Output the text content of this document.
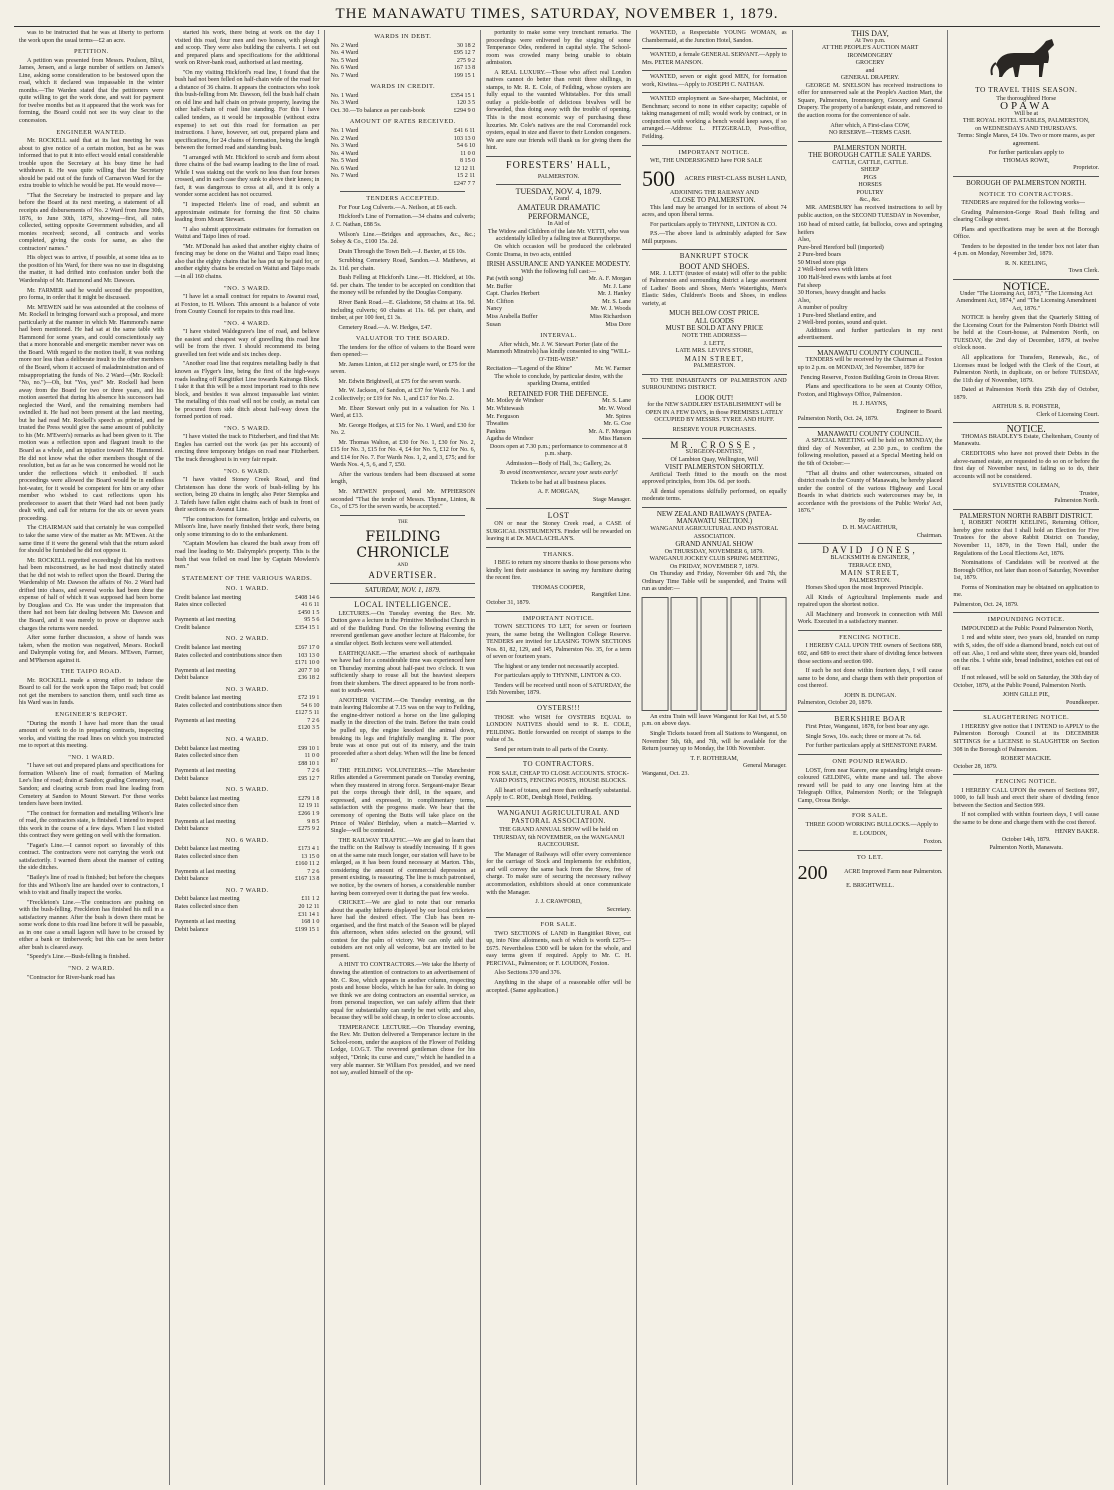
THE MANAWATU TIMES, SATURDAY, NOVEMBER 1, 1879.

was to be instructed that he was at liberty to perform the work upon the usual terms—£2 an acre.

PETITION.

A petition was presented from Messrs. Poulson, Blixt, James, Jensen, and a large number of settlers on James's Line, asking some consideration to be bestowed upon the road, which it declared was impassable in the winter months.—The Warden stated that the petitioners were quite willing to get the work done, and wait for payment for twelve months but as it appeared that the work was for forming, the Board could not see its way clear to the concession.

ENGINEER WANTED.

Mr. ROCKELL said that at its last meeting he was about to give notice of a certain motion, but as he was informed that to put it into effect would entail considerable trouble upon the Secretary at his busy time he had withdrawn it. He was quite willing that the Secretary should be paid out of the funds of Carnarvon Ward for the extra trouble to which he would be put. He would move—

"That the Secretary be instructed to prepare and lay before the Board at its next meeting, a statement of all receipts and disbursements of No. 2 Ward from June 30th, 1876, to June 30th, 1879, showing—first, all rates collected, setting opposite Government subsidies, and all monies received; second, all contracts and works completed, giving the costs for same, as also the contractors' names."

His object was to arrive, if possible, at some idea as to the position of his Ward, for there was no use in disguising the matter, it had drifted into confusion under both the Wardenship of Mr. Hammond and Mr. Dawson.

Mr. FARMER said he would second the proposition, pro forma, in order that it might be discussed.

Mr. M'EWEN said he was astounded at the coolness of Mr. Rockell in bringing forward such a proposal, and more particularly at the manner in which Mr. Hammond's name had been mentioned. He had sat at the same table with Hammond for some years, and could conscientiously say that a more honorable and energetic member never was on the Board. With regard to the motion itself, it was nothing more nor less than a deliberate insult to the other members of the Board, whom it accused of maladministration and of misappropriating the funds of No. 2 Ward—(Mr. Rockell: "No, no.")—Oh, but "Yes, yes!" Mr. Rockell had been away from the Board for two or three years, and his motion asserted that during his absence his successors had neglected the Ward, and the remaining members had swindled it. He had not been present at the last meeting, but he had read Mr. Rockell's speech as printed, and he trusted the Press would give the same amount of publicity to his (Mr. M'Ewen's) remarks as had been given to it. The motion was a reflection upon and flagrant insult to the Board as a whole, and an injustice toward Mr. Hammond. He did not know what the other members thought of the resolution, but as far as he was concerned he would not lie under the reflections which it embodied. If such proceedings were allowed the Board would be in endless hot-water, for it would be competent for him or any other member who wished to cast reflections upon his predecessor to assert that their Ward had not been justly dealt with, and call for returns for the six or seven years proceeding.

The CHAIRMAN said that certainly he was compelled to take the same view of the matter as Mr. M'Ewen. At the same time if it were the general wish that the return asked for should be furnished he did not oppose it.

Mr. ROCKELL regretted exceedingly that his motives had been misconstrued, as he had most distinctly stated that he did not wish to reflect upon the Board. During the Wardenship of Mr. Dawson the affairs of No. 2 Ward had drifted into chaos, and several works had been done the expense of half of which it was supposed had been borne by Douglass and Co. He was under the impression that there had not been fair dealing between Mr. Dawson and the Board, and it was merely to prove or disprove such charges the returns were needed.

After some further discussion, a show of hands was taken, when the motion was negatived, Messrs. Rockell and Dalrymple voting for, and Messrs. M'Ewen, Farmer, and M'Pherson against it.

THE TAIPO ROAD.

Mr. ROCKELL made a strong effort to induce the Board to call for the work upon the Taipo road; but could not get the members to sanction them, until such time as his Ward was in funds.

ENGINEER'S REPORT.

"During the month I have had more than the usual amount of work to do in preparing contracts, inspecting works, and visiting the road lines on which you instructed me to report at this meeting.

"NO. 1 WARD.

"I have set out and prepared plans and specifications for formation Wilson's line of road; formation of Marling Lee's line of road; drain at Sandon; grading Cemetery road, Sandon; and clearing scrub from road line leading from Cemetery at Sandon to Mount Stewart. For these works tenders have been invited.

"The contract for formation and metalling Wilson's line of road, the contractors state, is finished. I intend to inspect this work in the course of a few days. When I last visited this contract they were getting on well with the formation.

"Fagan's Line.—I cannot report so favorably of this contract. The contractors were not carrying the work out satisfactorily. I warned them about the manner of cutting the side ditches.

"Bailey's line of road is finished; but before the cheques for this and Wilson's line are handed over to contractors, I wish to visit and finally inspect the works.

"Freckleton's Line.—The contractors are pushing on with the bush-felling. Freckleton has finished his mill in a satisfactory manner. After the bush is down there must be some work done to this road line before it will be passable, as in one case a small lagoon will have to be crossed by either a bank or timberwork; but this can be seen better after bush is cleared away.

"Speedy's Line.—Bush-felling is finished.

"NO. 2 WARD.

"Contractor for River-bank road has

started his work, there being at work on the day I visited this road, four men and two horses, with plough and scoop. They were also building the culverts. I set out and prepared plans and specifications for the additional work on River-bank road, authorised at last meeting.

"On my visiting Hickford's road line, I found that the bush had not been felled on half-chain wide of the road for a distance of 36 chains. It appears the contractors who took this bush-felling from Mr. Dawson, fell the bush half chain on old line and half chain on private property, leaving the other half-chain of road line standing. For this I have called tenders, as it would be impossible (without extra expense) to set out this road for formation as per instructions. I have, however, set out, prepared plans and specifications, for 24 chains of formation, being the length between the formed road and standing bush.

"I arranged with Mr. Hickford to scrub and form about three chains of the bad swamp leading to the line of road. While I was staking out the work no less than four horses crossed, and in each case they sunk to above their knees; in fact, it was dangerous to cross at all, and it is only a wonder some accident has not occurred.

"I inspected Helen's line of road, and submit an approximate estimate for forming the first 50 chains leading from Mount Stewart.

"I also submit approximate estimates for formation on Waitui and Taipo lines of road.

"Mr. M'Donald has asked that another eighty chains of fencing may be done on the Waitui and Taipo road lines; also that the eighty chains that he has put up be paid for, or another eighty chains be erected on Waitui and Taipo roads—in all 160 chains.

"NO. 3 WARD.

"I have let a small contract for repairs to Awanui road, at Foxton, to H. Wilson. This amount is a balance of vote from County Council for repairs to this road line.

"NO. 4 WARD.

"I have visited Waldegrave's line of road, and believe the easiest and cheapest way of gravelling this road line will be from the river. I should recommend its being gravelled ten feet wide and six inches deep.

"Another road line that requires metalling badly is that known as Flyger's line, being the first of the high-ways roads leading off Rangitikei Line towards Kairanga Block. I take it that this will be a most important road to this new block, and besides it was almost impassable last winter. The metalling of this road will not be costly, as metal can be procured from side ditch about half-way down the formed portion of road.

"NO. 5 WARD.

"I have visited the track to Fitzherbert, and find that Mr. Engles has carried out the work (as per his account) of erecting three temporary bridges on road near Fitzherbert. The track throughout is in very fair repair.

"NO. 6 WARD.

"I have visited Stoney Creek Road, and find Christenson has done the work of bush-felling by his section, being 20 chains in length; also Peter Stempka and J. Tafeth have fallen eight chains each of bush in front of their sections on Awanui Line.

"The contractors for formation, bridge and culverts, on Milson's line, have nearly finished their work, there being only some trimming to do to the embankment.

"Captain Mowlem has cleared the bush away from off road line leading to Mr. Dalrymple's property. This is the bush that was felled on road line by Captain Mowlem's men."

STATEMENT OF THE VARIOUS WARDS.
NO. 1 WARD.
Credit balance last meeting	£408 14 6
Rates since collected	41 6 11
£450 1 5
Payments at last meeting	95 5 6
Credit balance	£354 15 1
NO. 2 WARD.
Credit balance last meeting	£67 17 0
Rates collected and contributions since then	103 13 0
£171 10 0
Payments at last meeting	207 7 10
Debit balance	£36 18 2
NO. 3 WARD.
Credit balance last meeting	£72 19 1
Rates collected and contributions since then	54 6 10
£127 5 11
Payments at last meeting	7 2 6
£120 3 5
NO. 4 WARD.
Debit balance last meeting	£99 10 1
Rates collected since then	11 0 0
£88 10 1
Payments at last meeting	7 2 6
Debit balance	£95 12 7
NO. 5 WARD.
Debit balance last meeting	£279 1 8
Rates collected since then	12 19 11
£266 1 9
Payments at last meeting	9 8 5
Debit balance	£275 9 2
NO. 6 WARD.
Debit balance last meeting	£173 4 1
Rates collected since then	13 15 0
£160 11 2
Payments at last meeting	7 2 6
Debit balance	£167 13 8
NO. 7 WARD.
Debit balance last meeting	£11 1 2
Rates collected since then	20 12 11
£31 14 1
Payments at last meeting	168 1 0
Debit balance	£199 15 1
WARDS IN DEBT.
No. 2 Ward	30 18 2
No. 4 Ward	£95 12 7
No. 5 Ward	275 9 2
No. 6 Ward	167 13 8
No. 7 Ward	199 15 1
WARDS IN CREDIT.
No. 1 Ward	£354 15 1
No. 3 Ward	120 3 5
Oct. 30.—To balance as per cash-book	£294 9 0
AMOUNT OF RATES RECEIVED.
No. 1 Ward	£41 6 11
No. 2 Ward	103 13 0
No. 3 Ward	54 6 10
No. 4 Ward	11 0 0
No. 5 Ward	8 15 0
No. 6 Ward	12 12 11
No. 7 Ward	15 2 11
£247 7 7
TENDERS ACCEPTED.

For Four Log Culverts.—A. Neilson, at £6 each.

Hickford's Line of Formation.—34 chains and culverts; J. C. Nathan, £88 5s.

Wilson's Line.—Bridges and approaches, &c., &c.; Sobey & Co., £100 15s. 2d.

Drain Through the Town Belt.—J. Baxter, at £6 10s.

Scrubbing Cemetery Road, Sandon.—J. Matthews, at 2s. 11d. per chain.

Bush Felling at Hickford's Line.—H. Hickford, at 10s. 6d. per chain. The tender to be accepted on condition that the money will be refunded by the Douglas Company.

River Bank Road.—E. Gladstone, 58 chains at 16s. 9d. including culverts; 60 chains at 11s. 6d. per chain, and timber, at per 100 feet, £1 3s.

Cemetery Road.—A. W. Hedges, £47.

VALUATOR TO THE BOARD.

The tenders for the office of valuers to the Board were then opened:—

Mr. James Linton, at £12 per single ward, or £75 for the seven.

Mr. Edwin Brightwell, at £75 for the seven wards.

Mr. W. Jackson, of Sandon, at £37 for Wards No. 1 and 2 collectively; or £19 for No. 1, and £17 for No. 2.

Mr. Ebzer Stewart only put in a valuation for No. 1 Ward, at £13.

Mr. George Hodges, at £15 for No. 1 Ward, and £30 for No. 2.

Mr. Thomas Walton, at £30 for No. 1, £30 for No. 2, £15 for No. 3, £15 for No. 4, £4 for No. 5, £12 for No. 6, and £14 for No. 7. For Wards Nos. 1, 2, and 3, £75; and for Wards Nos. 4, 5, 6, and 7, £50.

After the various tenders had been discussed at some length,

Mr. M'EWEN proposed, and Mr. M'PHERSON seconded "That the tender of Messrs. Thynne, Linton, & Co., of £75 for the seven wards, be accepted."

THE
FEILDING CHRONICLE
AND
ADVERTISER.
SATURDAY, NOV. 1, 1879.
LOCAL INTELLIGENCE.

LECTURES.—On Tuesday evening the Rev. Mr. Dutton gave a lecture in the Primitive Methodist Church in aid of the Building Fund. On the following evening the reverend gentleman gave another lecture at Halcombe, for a similar object. Both lectures were well attended.

EARTHQUAKE.—The smartest shock of earthquake we have had for a considerable time was experienced here on Thursday morning about half-past two o'clock. It was sufficiently sharp to rouse all but the heaviest sleepers from their slumbers. The direct appeared to be from north-east to south-west.

ANOTHER VICTIM.—On Tuesday evening, as the train leaving Halcombe at 7.15 was on the way to Feilding, the engine-driver noticed a horse on the line galloping madly in the direction of the train. Before the train could be pulled up, the engine knocked the animal down, breaking its legs and frightfully mangling it. The poor brute was at once put out of its misery, and the train proceeded after a short delay. When will the line be fenced in?

THE FEILDING VOLUNTEERS.—The Manchester Rifles attended a Government parade on Tuesday evening, when they mustered in strong force. Sergeant-major Bezar put the corps through their drill, in the square, and expressed, and expressed, in complimentary terms, satisfaction with the progress made. We hear that the ceremony of opening the Butts will take place on the Prince of Wales' Birthday, when a match—Married v. Single—will be contested.

THE RAILWAY TRAFFIC.—We are glad to learn that the traffic on the Railway is steadily increasing. If it goes on at the same rate much longer, our station will have to be enlarged, as it has been found necessary at Marton. This, considering the amount of commercial depression at present existing, is reassuring. The line is much patronised, we notice, by the owners of horses, a considerable number having been conveyed over it during the past few weeks.

CRICKET.—We are glad to note that our remarks about the apathy hitherto displayed by our local cricketers have had the desired effect. The Club has been re-organised, and the first match of the Season will be played this afternoon, when sides selected on the ground, will contest for the palm of victory. We can only add that outsiders are not only all welcome, but are invited to be present.

A HINT TO CONTRACTORS.—We take the liberty of drawing the attention of contractors to an advertisement of Mr. C. Roe, which appears in another column, respecting posts and house blocks, which he has for sale. In doing so we think we are doing contractors an essential service, as from personal inspection, we can safely affirm that their equal for substantiality can rarely be met with; and also, because they will be sold cheap, in order to close accounts.

TEMPERANCE LECTURE.—On Thursday evening, the Rev. Mr. Dutton delivered a Temperance lecture in the School-room, under the auspices of the Flower of Feilding Lodge, I.O.G.T. The reverend gentleman chose for his subject, "Drink; its curse and cure," which he handled in a very able manner. Sir William Fox presided, and we need not say, availed himself of the op-

portunity to make some very trenchant remarks. The proceedings were enlivened by the singing of some Temperance Odes, rendered in capital style. The School-room was crowded many being unable to obtain admission.

A REAL LUXURY.—Those who affect real London natives cannot do better than remit three shillings, in stamps, to Mr. R. E. Cole, of Feilding, whose oysters are fully equal to the vaunted Whitstables. For this small outlay a pickle-bottle of delicious bivalves will be forwarded, thus doing away with the trouble of opening. This is the most economic way of purchasing these luxuries. Mr. Cole's natives are the real Coromandel rock oysters, equal in size and flavor to their London congeners. We are sure our friends will thank us for giving them the hint.

FORESTERS' HALL,
PALMERSTON.
TUESDAY, NOV. 4, 1879.
A Grand
AMATEUR DRAMATIC PERFORMANCE,
In Aid of
The Widow and Children of the late Mr. VETTI, who was accidentally killed by a falling tree at Bunnythorpe.

On which occasion will be produced the celebrated Comic Drama, in two acts, entitled

IRISH ASSURANCE AND YANKEE MODESTY.
With the following full cast:—
Pat (with song)	Mr. A. F. Morgan
Mr. Buffer	Mr. J. Lane
Capt. Charles Herbert	Mr. J. Hanley
Mr. Clifton	Mr. S. Lane
Nancy	Mr. W. J. Woods
Miss Arabella Buffer	Miss Richardson
Susan	Miss Dore
INTERVAL.

After which, Mr. J. W. Stewart Porter (late of the Mammoth Minstrels) has kindly consented to sing "WILL-O'-THE-WISP."

Recitation—"Legend of the Rhine"	Mr. W. Farmer

The whole to conclude, by particular desire, with the sparkling Drama, entitled

RETAINED FOR THE DEFENCE.
Mr. Motley de Windsor	Mr. S. Lane
Mr. Whitewash	Mr. W. Wood
Mr. Ferguson	Mr. Spires
Thwaites	Mr. G. Coe
Pankins	Mr. A. F. Morgan
Agatha de Windsor	Miss Hanson

Doors open at 7.30 p.m.; performance to commence at 8 p.m. sharp.

Admission—Body of Hall, 3s.; Gallery, 2s.

To avoid inconvenience, secure your seats early!

Tickets to be had at all business places.

A. F. MORGAN,
Stage Manager.
LOST

ON or near the Stoney Creek road, a CASE of SURGICAL INSTRUMENTS. Finder will be rewarded on leaving it at Dr. MACLACHLAN'S.

THANKS.

I BEG to return my sincere thanks to those persons who kindly lent their assistance in saving my furniture during the recent fire.

THOMAS COOPER,
Rangitikei Line.
October 31, 1879.
IMPORTANT NOTICE.

TOWN SECTIONS TO LET, for seven or fourteen years, the same being the Wellington College Reserve. TENDERS are invited for LEASING TOWN SECTIONS Nos. 81, 82, 129, and 145, Palmerston No. 35, for a term of seven or fourteen years.

The highest or any tender not necessarily accepted.

For particulars apply to THYNNE, LINTON & CO.

Tenders will be received until noon of SATURDAY, the 15th November, 1879.

OYSTERS!!!

THOSE who WISH for OYSTERS EQUAL to LONDON NATIVES should send to R. E. COLE, FEILDING. Bottle forwarded on receipt of stamps to the value of 3s.

Send per return train to all parts of the County.

TO CONTRACTORS.

FOR SALE, CHEAP TO CLOSE ACCOUNTS. STOCK-YARD POSTS, FENCING POSTS, HOUSE BLOCKS.

All heart of totara, and more than ordinarily substantial. Apply to C. ROE, Denbigh Hotel, Feilding.

WANGANUI AGRICULTURAL AND PASTORAL ASSOCIATION.

THE GRAND ANNUAL SHOW will be held on THURSDAY, 6th NOVEMBER, on the WANGANUI RACECOURSE.

The Manager of Railways will offer every convenience for the carriage of Stock and Implements for exhibition, and will convey the same back from the Show, free of charge. To make sure of securing the necessary railway accommodation, exhibitors should at once communicate with the Manager.

J. J. CRAWFORD,
Secretary.
FOR SALE.

TWO SECTIONS of LAND in Rangitikei River, cut up, into Nine allotments, each of which is worth £275—£675. Nevertheless £300 will be taken for the whole, and easy terms given if required. Apply to Mr. C. H. PERCIVAL, Palmerston; or F. LOUDON, Foxton.

Also Sections 370 and 376.

Anything in the shape of a reasonable offer will be accepted. (Same application.)

WANTED, a Respectable YOUNG WOMAN, as Chambermaid, at the Junction Hotel, Sandon.

WANTED, a female GENERAL SERVANT.—Apply to Mrs. PETER MANSON.

WANTED, seven or eight good MEN, for formation work, Kiwitea.—Apply to JOSEPH C. NATHAN.

WANTED employment as Saw-sharper, Machinist, or Benchman; second to none in either capacity; capable of taking management of mill; would work by contract, or in conjunction with working a bench would keep saws, if so arranged.—Address: L. FITZGERALD, Post-office, Feilding.

IMPORTANT NOTICE.

WE, THE UNDERSIGNED have FOR SALE

500 ACRES FIRST-CLASS BUSH LAND,
ADJOINING THE RAILWAY AND
CLOSE TO PALMERSTON.

This land may be arranged for in sections of about 74 acres, and upon liberal terms.

For particulars apply to THYNNE, LINTON & CO.

P.S.—The above land is admirably adapted for Saw Mill purposes.

BANKRUPT STOCK
BOOT AND SHOES.

MR. J. LETT (trustee of estate) will offer to the public of Palmerston and surrounding district a large assortment of Ladies' Boots and Shoes, Men's Watertights, Men's Elastic Sides, Children's Boots and Shoes, in endless variety, at

MUCH BELOW COST PRICE.
ALL GOODS
MUST BE SOLD AT ANY PRICE
NOTE THE ADDRESS—
J. LETT,
LATE MRS. LEVIN'S STORE,
MAIN STREET,
PALMERSTON.

TO THE INHABITANTS OF PALMERSTON AND SURROUNDING DISTRICT.

LOOK OUT!

for the NEW SADDLERY ESTABLISHMENT will be OPEN IN A FEW DAYS, in those PREMISES LATELY OCCUPIED BY MESSRS. TYREE AND HUFF.

RESERVE YOUR PURCHASES.
MR. CROSSE,
SURGEON-DENTIST,
Of Lambton Quay, Wellington, Will
VISIT PALMERSTON SHORTLY.

Artificial Teeth fitted to the mouth on the most approved principles, from 10s. 6d. per tooth.

All dental operations skilfully performed, on equally moderate terms.

NEW ZEALAND RAILWAYS (PATEA-MANAWATU SECTION.)
WANGANUI AGRICULTURAL AND PASTORAL ASSOCIATION.
GRAND ANNUAL SHOW
On THURSDAY, NOVEMBER 6, 1879.
WANGANUI JOCKEY CLUB SPRING MEETING,
On FRIDAY, NOVEMBER 7, 1879.

On Thursday and Friday, November 6th and 7th, the Ordinary Time Table will be suspended, and Trains will run as under:—

An extra Train will leave Wanganui for Kai Iwi, at 5.50 p.m. on above days.

Single Tickets issued from all Stations to Wanganui, on November 5th, 6th, and 7th, will be available for the Return journey up to Monday, the 10th November.

T. F. ROTHERAM,
General Manager.
Wanganui, Oct. 23.
THIS DAY,
At Two p.m.
AT THE PEOPLE'S AUCTION MART
IRONMONGERY
GROCERY
and
GENERAL DRAPERY.

GEORGE M. SNELSON has received instructions to offer for unreserved sale at the People's Auction Mart, the Square, Palmerston, Ironmongery, Grocery and General Drapery. The property of a bankrupt estate, and removed to the auction rooms for the convenience of sale.

After which, A First-class COW,
NO RESERVE—TERMS CASH.
PALMERSTON NORTH.
THE BOROUGH CATTLE SALE YARDS.
CATTLE, CATTLE, CATTLE.
SHEEP
PIGS
HORSES
POULTRY
&c., &c.

MR. AMESBURY has received instructions to sell by public auction, on the SECOND TUESDAY in November,

160 head of mixed cattle, fat bullocks, cows and springing heifers
Also,
Pure-bred Hereford bull (imported)
2 Pure-bred boars
50 Mixed store pigs
2 Well-bred sows with litters
100 Half-bred ewes with lambs at foot
Fat sheep
30 Horses, heavy draught and hacks
Also,
A number of poultry
1 Pure-bred Shetland entire, and
2 Well-bred ponies, sound and quiet.

Additions and further particulars in my next advertisement.

MANAWATU COUNTY COUNCIL.

TENDERS will be received by the Chairman at Foxton up to 2 p.m. on MONDAY, 3rd November, 1879 for

Fencing Reserve, Foxton Building Groin in Oroua River.

Plans and specifications to be seen at County Office, Foxton, and Highways Office, Palmerston.

H. J. HAYNS,
Engineer to Board.
Palmerston North, Oct. 24, 1879.
MANAWATU COUNTY COUNCIL.

A SPECIAL MEETING will be held on MONDAY, the third day of November, at 2.30 p.m., to confirm the following resolution, passed at a Special Meeting held on the 6th of October:—

"That all drains and other watercourses, situated on district roads in the County of Manawatu, be hereby placed under the control of the various Highway and Local Boards in what districts such watercourses may be, in accordance with the provisions of the Public Works' Act, 1876."

By order.
D. H. MACARTHUR,
Chairman.
DAVID JONES,
BLACKSMITH & ENGINEER,
TERRACE END,
MAIN STREET,
PALMERSTON.

Horses Shod upon the most Improved Principle.

All Kinds of Agricultural Implements made and repaired upon the shortest notice.

All Machinery and Ironwork in connection with Mill Work. Executed in a satisfactory manner.

FENCING NOTICE.

I HEREBY CALL UPON THE owners of Sections 688, 692, and 689 to erect their share of dividing fence between those sections and section 690.

If such be not done within fourteen days, I will cause same to be done, and charge them with their proportion of cost thereof.

JOHN B. DUNGAN.
Palmerston, October 20, 1879.
BERKSHIRE BOAR

First Prize, Wanganui, 1878, for best boar any age.

Single Sows, 10s. each; three or more at 7s. 6d.

For further particulars apply at SHENSTONE FARM.

ONE POUND REWARD.

LOST, from near Karere, one upstanding bright cream-coloured GELDING, white mane and tail. The above reward will be paid to any one leaving him at the Telegraph Office, Palmerston North; or the Telegraph Camp, Oroua Bridge.

FOR SALE.

THREE GOOD WORKING BULLOCKS.—Apply to

E. LOUDON,
Foxton.
TO LET.
200	ACRE Improved Farm near Palmerston.
E. BRIGHTWELL.
TO TRAVEL THIS SEASON.
The thoroughbred Horse
OPAWA
Will be at
THE ROYAL HOTEL STABLES, PALMERSTON,
on WEDNESDAYS AND THURSDAYS.

Terms: Single Mares, £4 10s. Two or more mares, as per agreement.

For further particulars apply to
THOMAS ROWE,
Proprietor.
BOROUGH OF PALMERSTON NORTH.
NOTICE TO CONTRACTORS.

TENDERS are required for the following works—

Grading Palmerston-Gorge Road Bush felling and clearing College street.

Plans and specifications may be seen at the Borough Office.

Tenders to be deposited in the tender box not later than 4 p.m. on Monday, November 3rd, 1879.

R. N. KEELING,
Town Clerk.
NOTICE.

Under "The Licensing Act, 1873," "The Licensing Act Amendment Act, 1874," and "The Licensing Amendment Act, 1876."

NOTICE is hereby given that the Quarterly Sitting of the Licensing Court for the Palmerston North District will be held at the Court-house, at Palmerston North, on TUESDAY, the 2nd day of December, 1879, at twelve o'clock noon.

All applications for Transfers, Renewals, &c., of Licenses must be lodged with the Clerk of the Court, at Palmerston North, in duplicate, on or before TUESDAY, the 11th day of November, 1879.

Dated at Palmerston North this 25th day of October, 1879.

ARTHUR S. R. FORSTER,
Clerk of Licensing Court.
NOTICE.

THOMAS BRADLEY'S Estate, Cheltenham, County of Manawatu.

CREDITORS who have not proved their Debts in the above-named estate, are requested to do so on or before the first day of November next, in failing so to do, their accounts will not be considered.

SYLVESTER COLEMAN,
Trustee,
Palmerston North.
PALMERSTON NORTH RABBIT DISTRICT.

I, ROBERT NORTH KEELING, Returning Officer, hereby give notice that I shall hold an Election for Five Trustees for the above Rabbit District on Tuesday, November 11, 1879, in the Town Hall, under the Regulations of the Local Elections Act, 1876.

Nominations of Candidates will be received at the Borough Office, not later than noon of Saturday, November 1st, 1879.

Forms of Nomination may be obtained on application to me.

Palmerston, Oct. 24, 1879.
IMPOUNDING NOTICE.

IMPOUNDED at the Public Pound Palmerston North,

1 red and white steer, two years old, branded on rump with S, sides, the off side a diamond brand, notch cut out of off ear. Also, 1 red and white steer, three years old, branded on the ribs. 1 white side, bread indistinct, notches cut out of off ear.

If not released, will be sold on Saturday, the 30th day of October, 1879, at the Public Pound, Palmerston North.

JOHN GILLE PIE,
Poundkeeper.
SLAUGHTERING NOTICE.

I HEREBY give notice that I INTEND to APPLY to the Palmerston Borough Council at its DECEMBER SITTINGS for a LICENSE to SLAUGHTER on Section 308 in the Borough of Palmerston.

ROBERT MACKIE.
October 28, 1879.
FENCING NOTICE.

I HEREBY CALL UPON the owners of Sections 997, 1000, to fall bush and erect their share of dividing fence between the Section and Section 999.

If not complied with within fourteen days, I will cause the same to be done and charge them with the cost thereof.

HENRY BAKER.
October 14th, 1879.
Palmerston North, Manawatu.
